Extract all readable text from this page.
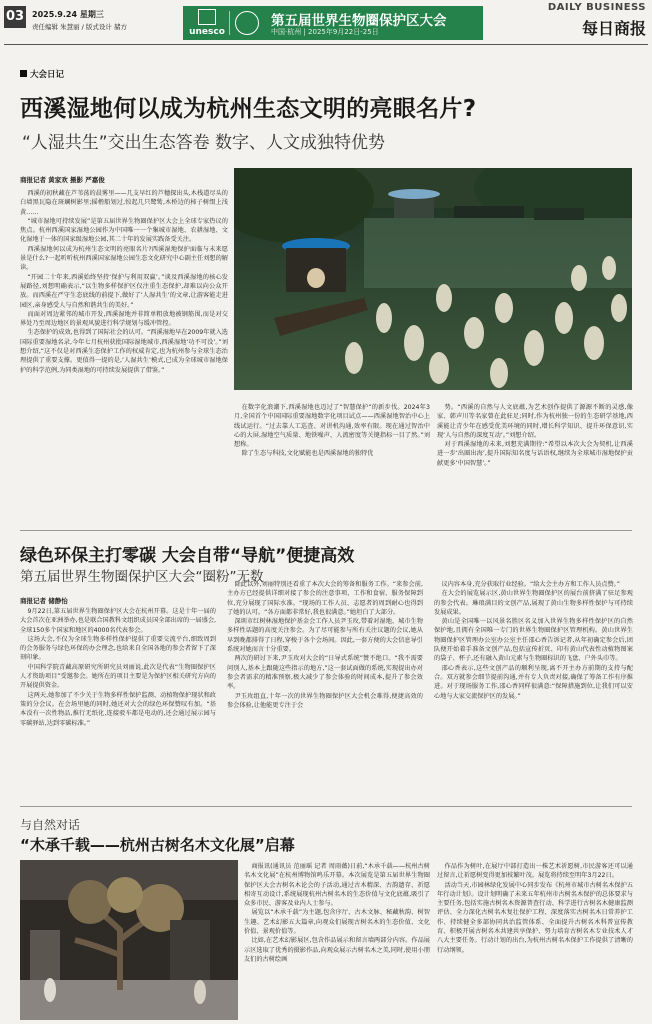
03 2025.9.24 星期三
责任编辑 朱慧丽 / 版式设计 赭方	unesco
第五届世界生物圈保护区大会
中国·杭州 | 2025年9月22日-25日
DAILY BUSINESS
每日商报
大会日记
西溪湿地何以成为杭州生态文明的亮眼名片?
“人湿共生”交出生态答卷 数字、人文成独特优势
商报记者 黄家欢 摄影 严嘉俊

西溪的初秋藏在芦苇荡的晨雾里——几支早红的芦穗探出头,木栈道尽头的白墙黑瓦隐在斑斓树影里;摇橹船划过,惊起几只鹭鸶,木桥边的柿子树缀上浅黄……

“城市湿地可持续发展”是第五届世界生物圈保护区大会上全球专家热议的焦点。杭州西溪国家湿地公园作为中国唯一一个集城市湿地、农耕湿地、文化湿地于一体的国家级湿地公园,其二十年的发展实践备受关注。

西溪湿地何以成为杭州生态文明的亮眼名片?西溪湿地保护面临与未来愿景是什么?一起听听杭州西溪国家湿地公园生态文化研究中心副主任刘想的解读。

“开园二十年来,西溪始终坚持‘保护与利用双赢’。”谈及西溪湿地的核心发展路径,刘想明确表示,“以生物多样保护区仅注重生态保护,却难以向公众开放。而西溪在严守生态底线的前提下,做好了‘人湿共生’的文章,让游客能走进园区,亲身感受人与自然和谐共生的美好。”

而面对周边紧邻的城市开发,西溪湿地并非简单粗放地被钢筋围,而是对交界处乃至周边地区的景观风貌进行科学规划与缓冲管控。

生态保护的成效,也得到了国际社会的认可。“西溪湿地早在2009年就入选国际重要湿地名录,今年七月杭州获批国际湿地城市,西溪湿地‘功不可没’。”刘想介绍,“这不仅是对西溪生态保护工作的权威肯定,也为杭州参与全球生态治理提供了重要支撑。更值得一提的是,‘人湿共生’模式,已成为全球城市湿地保护的科学范例,为同类湿地的可持续发展提供了借鉴。”

在数字化浪潮下,西溪湿地也迈过了“智慧保护”的新步伐。2024年3月,全国首个中国国际重要湿地数字化项目试点——西溪湿地智治中心上线试运行。“过去靠人工巡查、对讲机沟通,效率有限。现在通过智治中心的大屏,湿地空气质量、地铁噪声、人流密度等关键指标一目了然。”刘想称。

除了生态与科技,文化赋能也是西溪湿地的独特优

势。“西溪的自然与人文底蕴,为艺术创作提供了源源不断的灵感,像家、韩声川等名家曾在此驻足;同时,作为杭州独一份的生态研学基地,西溪能让青少年在感受优美环境的同时,增长科学知识、提升环保意识,实现‘人与自然的深度互动’。”刘想介绍。

对于西溪湿地的未来,刘想充满期待:“希望以本次大会为契机,让西溪进一步‘出圈出海’,提升国际知名度与话语权,继续为全球城市湿地保护贡献更多‘中国智慧’。”

绿色环保主打零碳 大会自带“导航”便捷高效
第五届世界生物圈保护区大会“圈粉”无数
商报记者 储静怡

9月22日,第五届世界生物圈保护区大会在杭州开幕。这是十年一届的大会首次在亚洲举办,也是联合国教科文组织成员国全部出席的一届盛会,全球150多个国家和地区的4000名代表参会。

这场大会,不仅为全球生物多样性保护提供了重要交流平台,细致周到的会务服务与绿色环保的办会理念,也给来自全国各地的参会者留下了深刻印象。

中国科学院青藏高原研究所研究员刘丽说,此次是代表“生物圈保护区人才资助项目”受邀参会。她所在的项目主要是为保护区相关研究方向的开展提供资金。

这两天,她参加了不少关于生物多样性保护监测、动植物保护现状和政策的分会议。在会场里她的同时,她还对大会的绿色环保赞叹有加。“基本没有一次性物品,推行无纸化,连接驳车都是电动的,还会通过展示园与零碳驿站,达到零碳标准。”

除此以外,刘丽特别还看重了本次大会的筹备和服务工作。“来参会前,主办方已经提供详细对接了参会的注意事项、工作和食宿、服务保障到位,充分展现了国际水准。“现场的工作人员、志愿者的周到耐心也得到了她的认可。“各方面都非常好,我也很满意。”她坦白了大部分。

深圳市红树林湿地保护基金会工作人员尹玉玫,带着对湿地、城市生物多样性话题的高度关注参会。为了尽可能参与所有关注议题的会议,她从早到晚都排得了日程,穿梭于各个会场间。因此,一套方便的大会信息导引系统对她而言十分重要。

两次的研讨下来,尹玉玫对大会的“日导式系统”赞不绝口。“我不需要问别人,基本上跟随这些指示的地方,”这一套试面做的系统,实现提出办对参会者需求的精准预察,极大减少了参会体验的时间成本,提升了参会效率。

尹玉玫组直,十年一次的世界生物圈保护区大会机会难得,便捷高效的参会体验,让他能更专注于会

议内容本身,充分获取行业经验。“给大会主办方和工作人员点赞。”

在大会的展览展示区,黄山世界生物圈保护区的展台前挤满了驻足参观的参会代表。琳琅满目的文创产品,展现了黄山生物多样性保护与可持续发展成果。

黄山是全国唯一以风景名胜区名义加入世界生物多样性保护区的自然保护地,且拥有全国唯一专门的世界生物圈保护区管理机构。黄山世界生物圈保护区管理办公室办公室主任邵心香告诉记者,从年初确定参会后,团队便开始着手准备文创产品,包括宣传折页、印有黄山代表性动植物图案的袋子、杯子,还有融入黄山元素与生物圈标识的飞盘、户外头巾等。

邵心香表示,这些文创产品的顺利呈现,离不开主办方前期的支持与配合。双方就参会细节提前沟通,并有专人负责对接,确保了筹备工作有序推进。对于现场服务工作,邵心香同样很满意:“保障措施到位,让我们可以安心地与大家交流保护区的发展。”

与自然对话
“木承千载——杭州古树名木文化展”启幕

商报讯(通讯员 范丽瑶 记者 周雨薇)日前,“木承千载——杭州古树名木文化展”在杭州博物馆鸣乐开幕。本次展览是第五届世界生物圈保护区大会古树名木论会的子活动,通过古木精深、古韵遗存、祈愿相寄互动设计,系统展现杭州古树名木的生态价值与文化底蕴,吸引了众多市民、游客及业内人士参与。

展览以“木承千载”为主题,包含序厅、古木文脉、秘藏秋韵、树智生趣、艺术幻影五大篇章,向观众们展现古树名木的生态价值、文化价值、景观价值等。

比如,在艺术幻影展区,包含作品展示和留言墙两部分内容。作品展示区选取了优秀的摄影作品,向观众展示古树名木之美,同时,使用小朋友们的古树绘画

作品作为树叶,在展厅中部打造出一株艺术祈愿树,市民游客还可以通过留言,让祈愿树变得更加枝繁叶茂。展览将持续至明年3月22日。

活动当天,市园林绿化发展中心同步发布《杭州市城市古树名木保护五年行动计划》。设计划明确了未来五年杭州市古树名木保护的总体要求与主要任务,包括实施古树名木资源普查行动、科学进行古树名木健康监测评估、全力深化古树名木复壮保护工程、深度落实古树名木日常养护工作、持续健全多部协同共治监管体系、全面提升古树名木科普宣传教育、积极开展古树名木共建共享保护、努力培育古树名木专业技术人才八大主要任务。行动计划的出台,为杭州古树名木保护工作提供了清晰的行动纲领。
